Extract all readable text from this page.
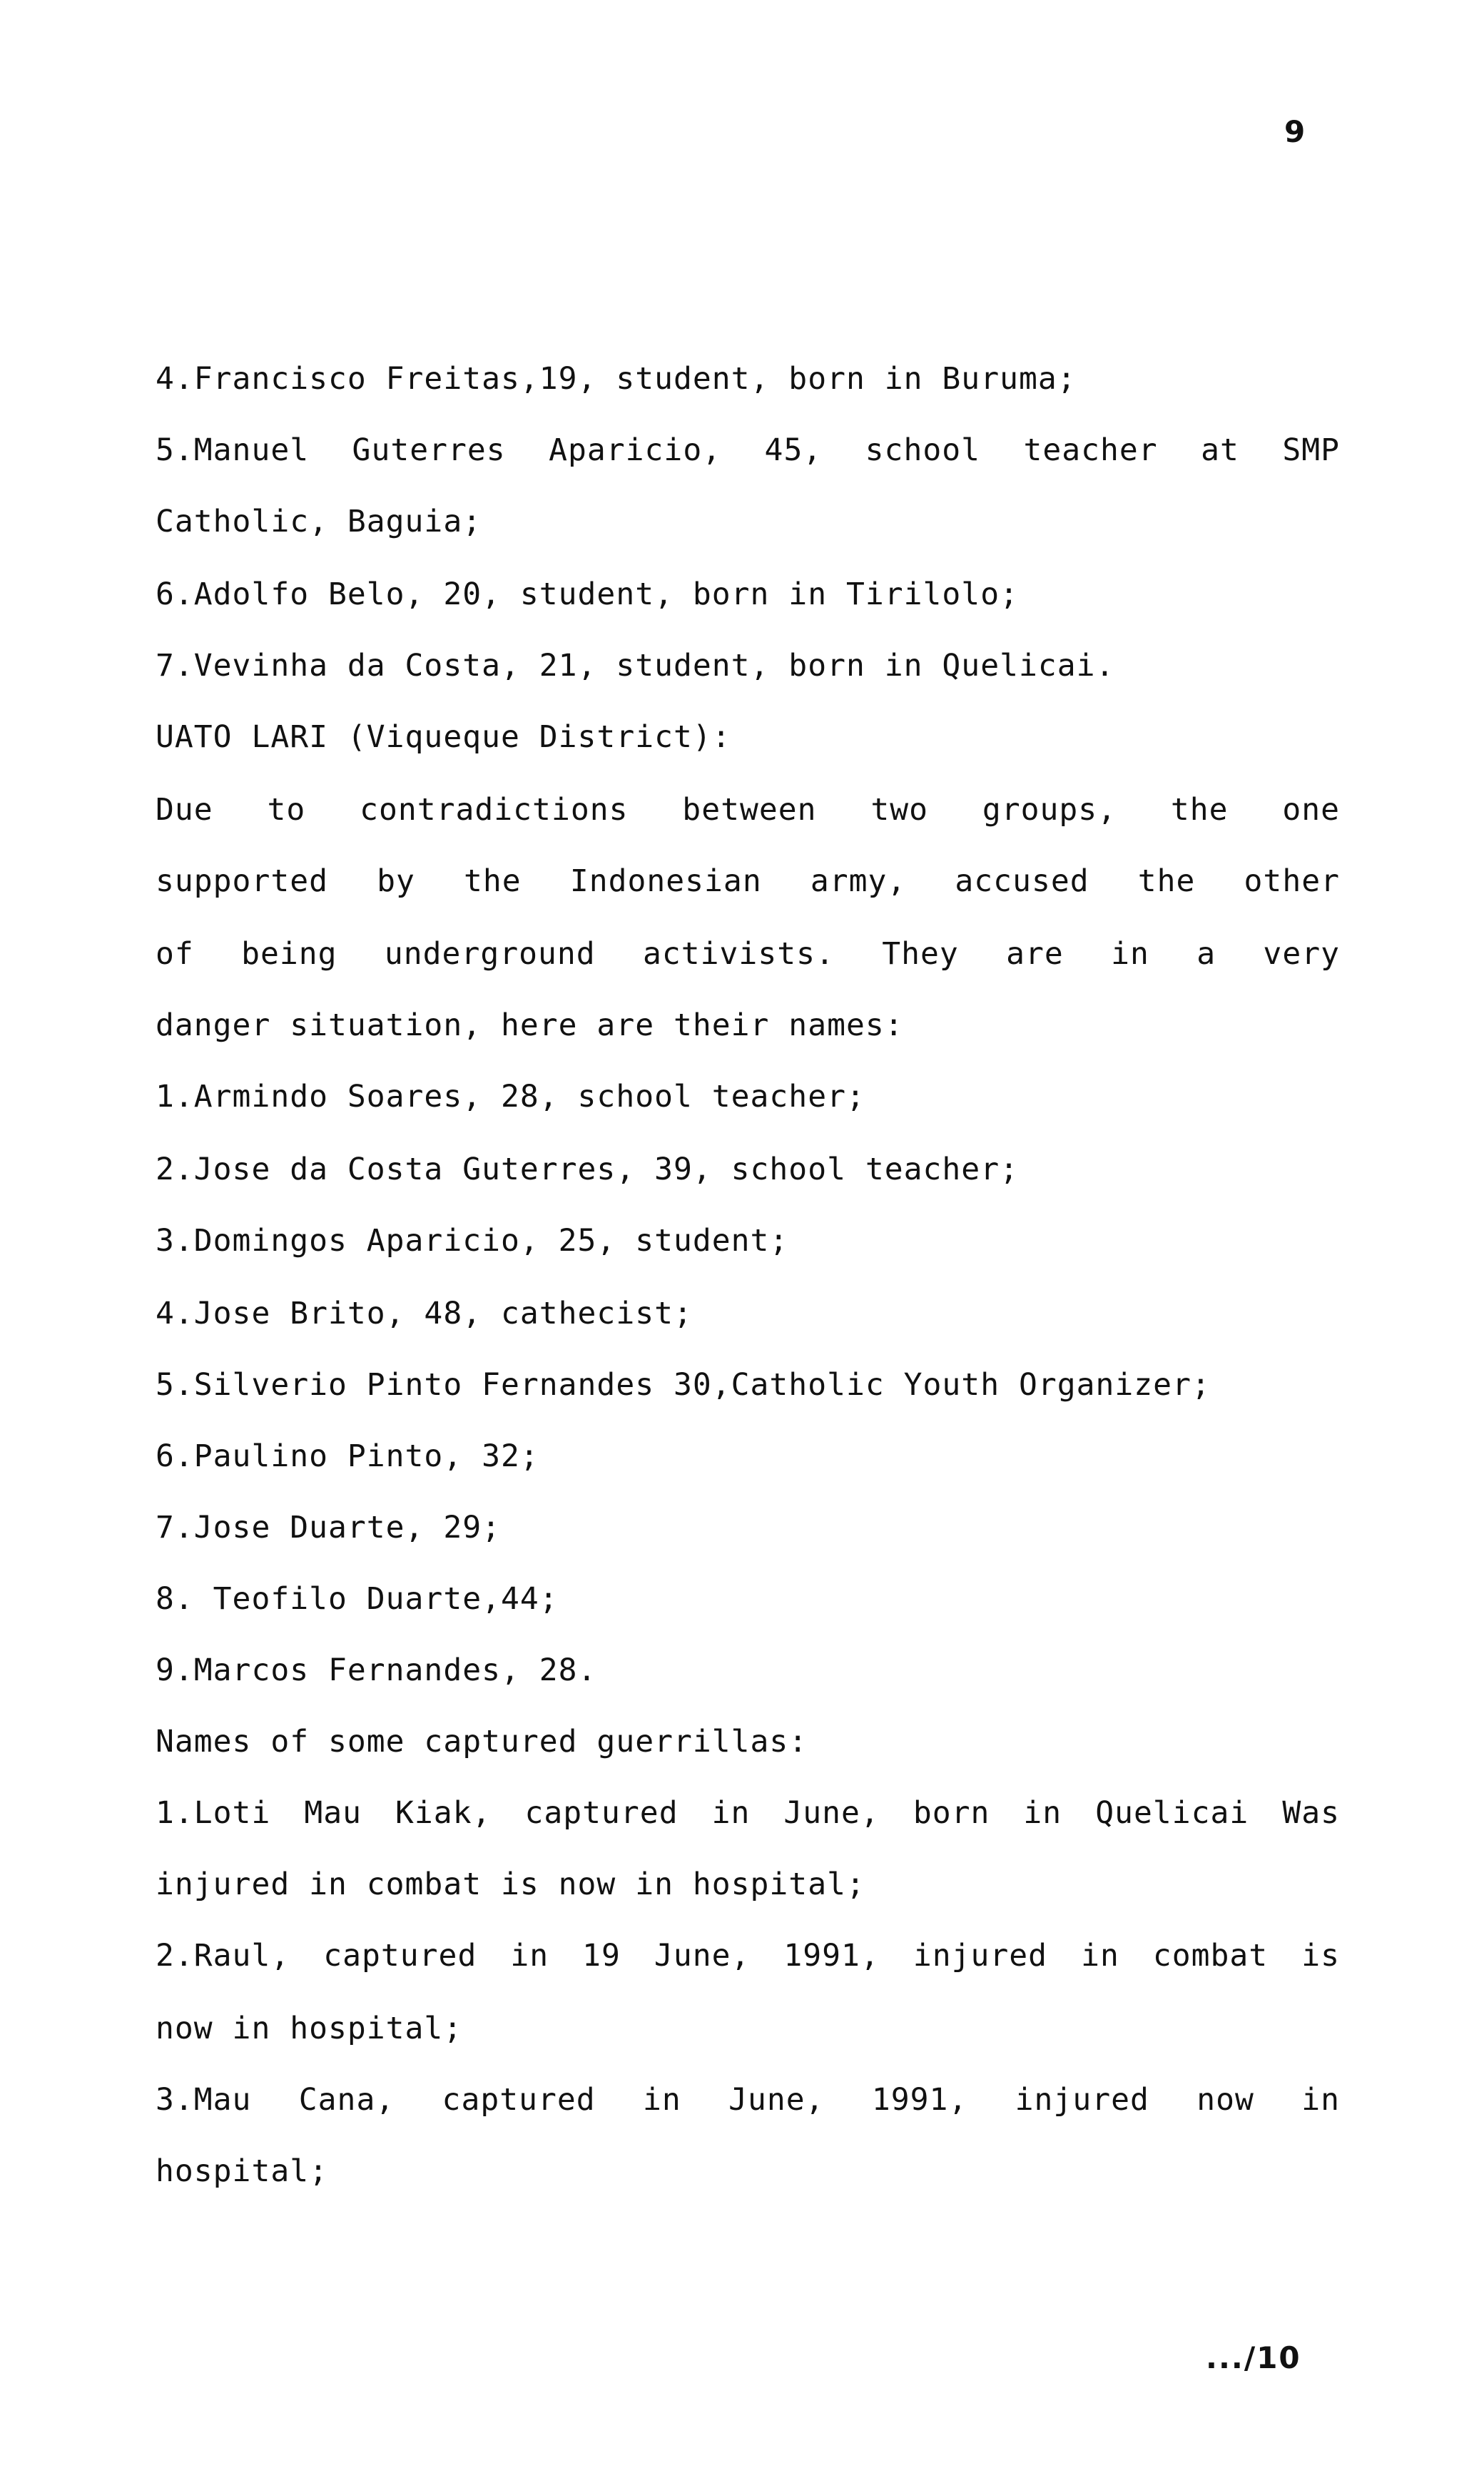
9
4.Francisco Freitas,19, student, born in Buruma;
5.Manuel Guterres Aparicio, 45, school teacher at SMP
Catholic, Baguia;
6.Adolfo Belo, 20, student, born in Tirilolo;
7.Vevinha da Costa, 21, student, born in Quelicai.
UATO LARI (Viqueque District):
Due to contradictions between two groups, the one
supported by the Indonesian army, accused the other
of being underground activists. They are in a very
danger situation, here are their names:
1.Armindo Soares, 28, school teacher;
2.Jose da Costa Guterres, 39, school teacher;
3.Domingos Aparicio, 25, student;
4.Jose Brito, 48, cathecist;
5.Silverio Pinto Fernandes 30,Catholic Youth Organizer;
6.Paulino Pinto, 32;
7.Jose Duarte, 29;
8. Teofilo Duarte,44;
9.Marcos Fernandes, 28.
Names of some captured guerrillas:
1.Loti Mau Kiak, captured in June, born in Quelicai Was
injured in combat is now in hospital;
2.Raul, captured in 19 June, 1991, injured in combat is
now in hospital;
3.Mau Cana, captured in June, 1991, injured now in
hospital;
.../10
